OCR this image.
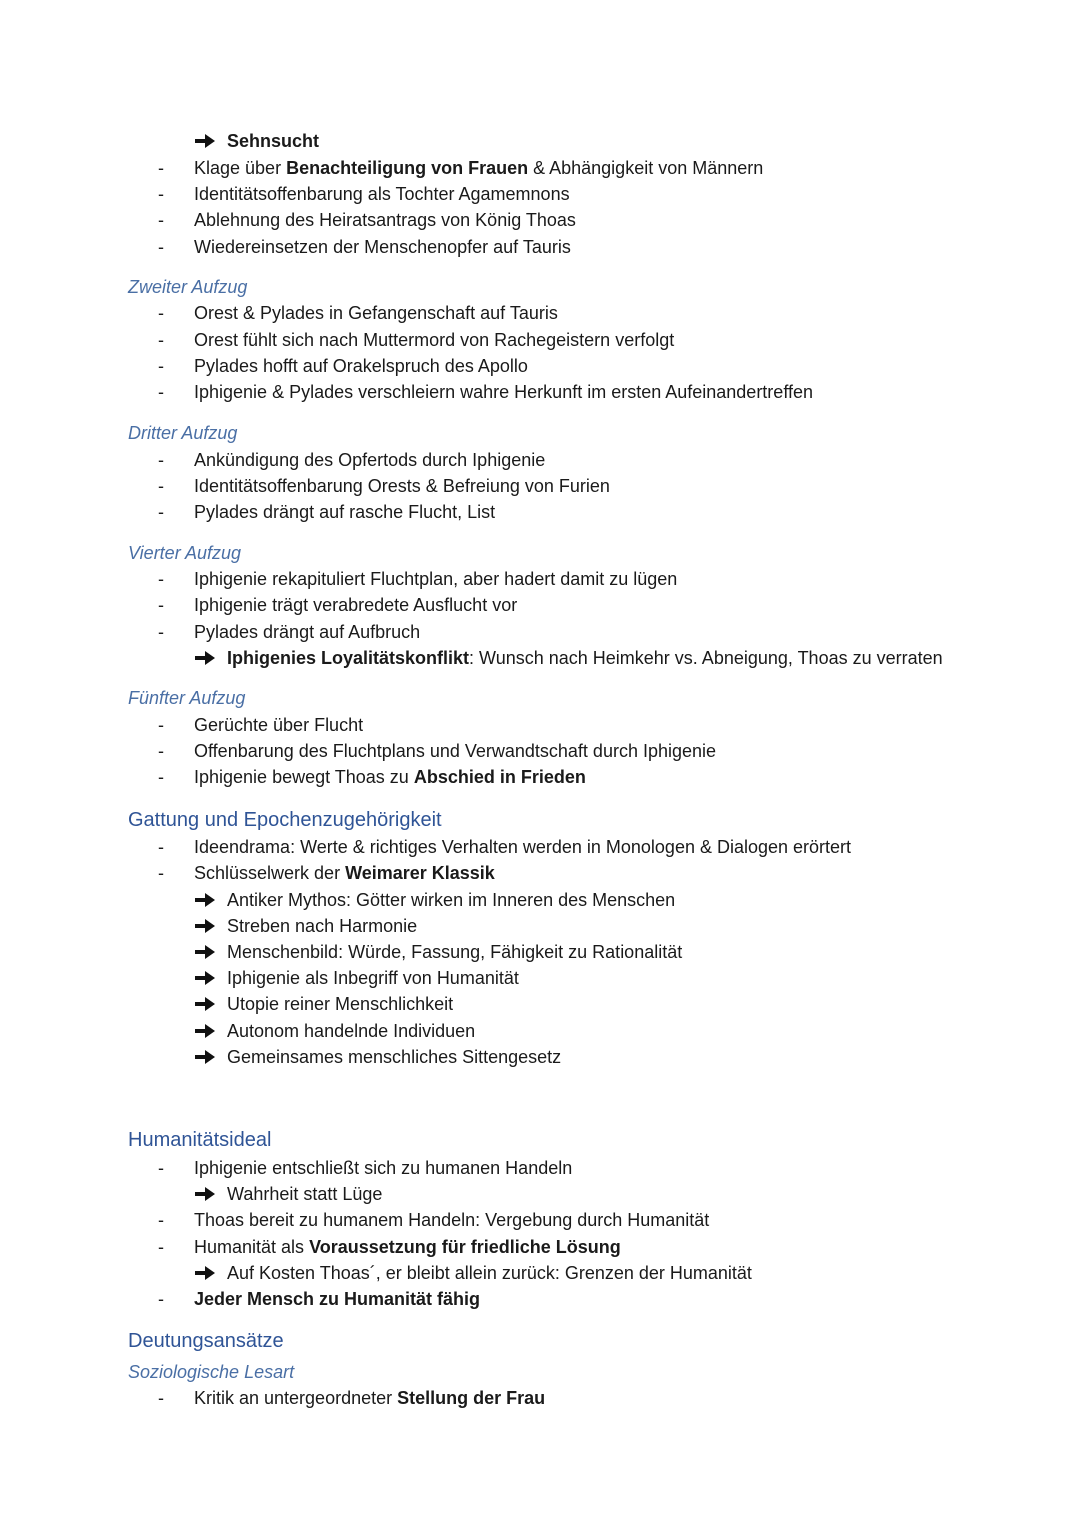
Sehnsucht
- Klage über Benachteiligung von Frauen & Abhängigkeit von Männern
- Identitätsoffenbarung als Tochter Agamemnons
- Ablehnung des Heiratsantrags von König Thoas
- Wiedereinsetzen der Menschenopfer auf Tauris
Zweiter Aufzug
- Orest & Pylades in Gefangenschaft auf Tauris
- Orest fühlt sich nach Muttermord von Rachegeistern verfolgt
- Pylades hofft auf Orakelspruch des Apollo
- Iphigenie & Pylades verschleiern wahre Herkunft im ersten Aufeinandertreffen
Dritter Aufzug
- Ankündigung des Opfertods durch Iphigenie
- Identitätsoffenbarung Orests & Befreiung von Furien
- Pylades drängt auf rasche Flucht, List
Vierter Aufzug
- Iphigenie rekapituliert Fluchtplan, aber hadert damit zu lügen
- Iphigenie trägt verabredete Ausflucht vor
- Pylades drängt auf Aufbruch
Iphigenies Loyalitätskonflikt: Wunsch nach Heimkehr vs. Abneigung, Thoas zu verraten
Fünfter Aufzug
- Gerüchte über Flucht
- Offenbarung des Fluchtplans und Verwandtschaft durch Iphigenie
- Iphigenie bewegt Thoas zu Abschied in Frieden
Gattung und Epochenzugehörigkeit
- Ideendrama: Werte & richtiges Verhalten werden in Monologen & Dialogen erörtert
- Schlüsselwerk der Weimarer Klassik
Antiker Mythos: Götter wirken im Inneren des Menschen
Streben nach Harmonie
Menschenbild: Würde, Fassung, Fähigkeit zu Rationalität
Iphigenie als Inbegriff von Humanität
Utopie reiner Menschlichkeit
Autonom handelnde Individuen
Gemeinsames menschliches Sittengesetz
Humanitätsideal
- Iphigenie entschließt sich zu humanen Handeln
Wahrheit statt Lüge
- Thoas bereit zu humanem Handeln: Vergebung durch Humanität
- Humanität als Voraussetzung für friedliche Lösung
Auf Kosten Thoas´, er bleibt allein zurück: Grenzen der Humanität
- Jeder Mensch zu Humanität fähig
Deutungsansätze
Soziologische Lesart
- Kritik an untergeordneter Stellung der Frau
